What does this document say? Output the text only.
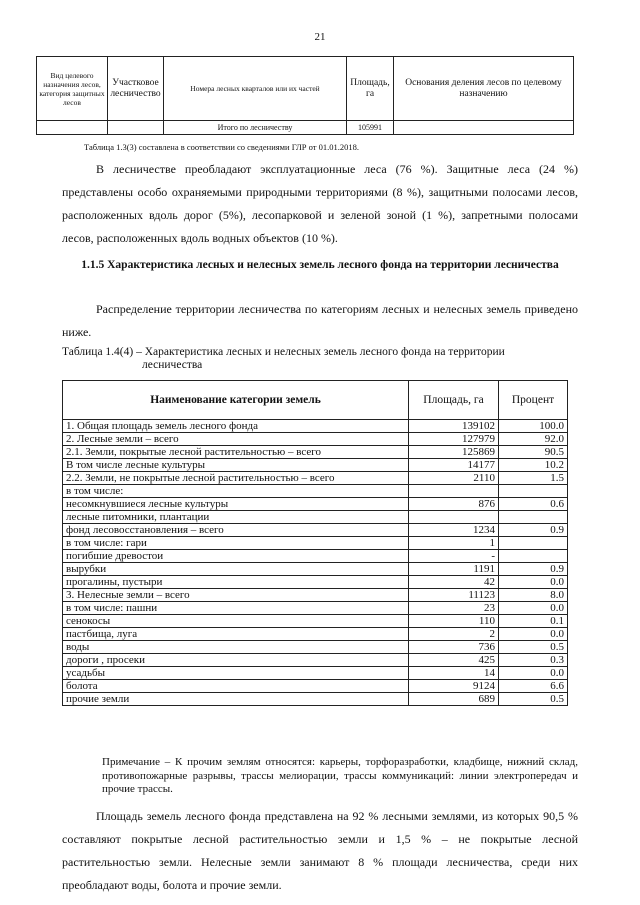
21
Вид целевого назначения лесов, категория защитных лесов	Участковое лесничество	Номера лесных кварталов или их частей	Площадь, га	Основания деления лесов по целевому назначению
		Итого по лесничеству	105991	
Таблица 1.3(3) составлена в соответствии со сведениями ГЛР от 01.01.2018.
В лесничестве преобладают эксплуатационные леса (76 %). Защитные леса (24 %) представлены особо охраняемыми природными территориями (8 %), защитными полосами лесов, расположенных вдоль дорог (5%), лесопарковой и зеленой зоной (1 %), запретными полосами лесов, расположенных вдоль водных объектов (10 %).
1.1.5 Характеристика лесных и нелесных земель лесного фонда на территории лесничества
Распределение территории лесничества по категориям лесных и нелесных земель приведено ниже.
Таблица 1.4(4) – Характеристика лесных и нелесных земель лесного фонда на территории
лесничества
Наименование категории земель	Площадь, га	Процент
1. Общая площадь земель лесного фонда	139102	100.0
2. Лесные земли – всего	127979	92.0
2.1. Земли, покрытые лесной растительностью – всего	125869	90.5
В том числе лесные культуры	14177	10.2
2.2. Земли, не покрытые лесной растительностью – всего	2110	1.5
в том числе:		
несомкнувшиеся лесные культуры	876	0.6
лесные питомники, плантации		
фонд лесовосстановления – всего	1234	0.9
в том числе: гари	1	
погибшие древостои	-	
вырубки	1191	0.9
прогалины, пустыри	42	0.0
3. Нелесные земли – всего	11123	8.0
в том числе: пашни	23	0.0
сенокосы	110	0.1
пастбища, луга	2	0.0
воды	736	0.5
дороги , просеки	425	0.3
усадьбы	14	0.0
болота	9124	6.6
прочие земли	689	0.5
Примечание – К прочим землям относятся: карьеры, торфоразработки, кладбище, нижний склад, противопожарные разрывы, трассы мелиорации, трассы коммуникаций: линии электропередач и прочие трассы.
Площадь земель лесного фонда представлена на 92 % лесными землями, из которых 90,5 % составляют покрытые лесной растительностью земли и 1,5 % – не покрытые лесной растительностью земли. Нелесные земли занимают 8 % площади лесничества, среди них преобладают воды, болота и прочие земли.
